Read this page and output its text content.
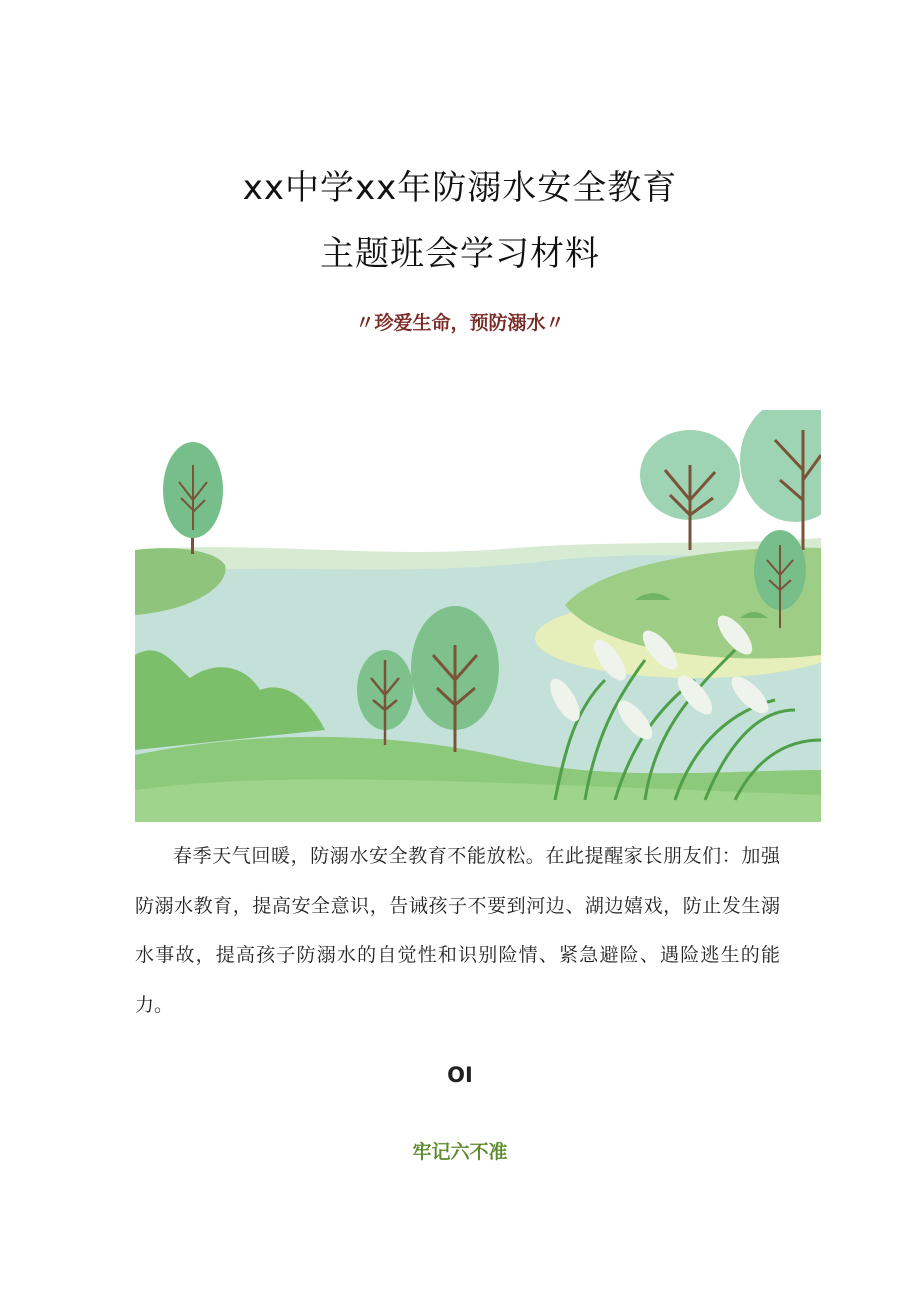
xx中学xx年防溺水安全教育
主题班会学习材料
〃珍爱生命，预防溺水〃
春季天气回暖，防溺水安全教育不能放松。在此提醒家长朋友们：加强防溺水教育，提高安全意识，告诫孩子不要到河边、湖边嬉戏，防止发生溺水事故，提高孩子防溺水的自觉性和识别险情、紧急避险、遇险逃生的能力。
OI
牢记六不准
